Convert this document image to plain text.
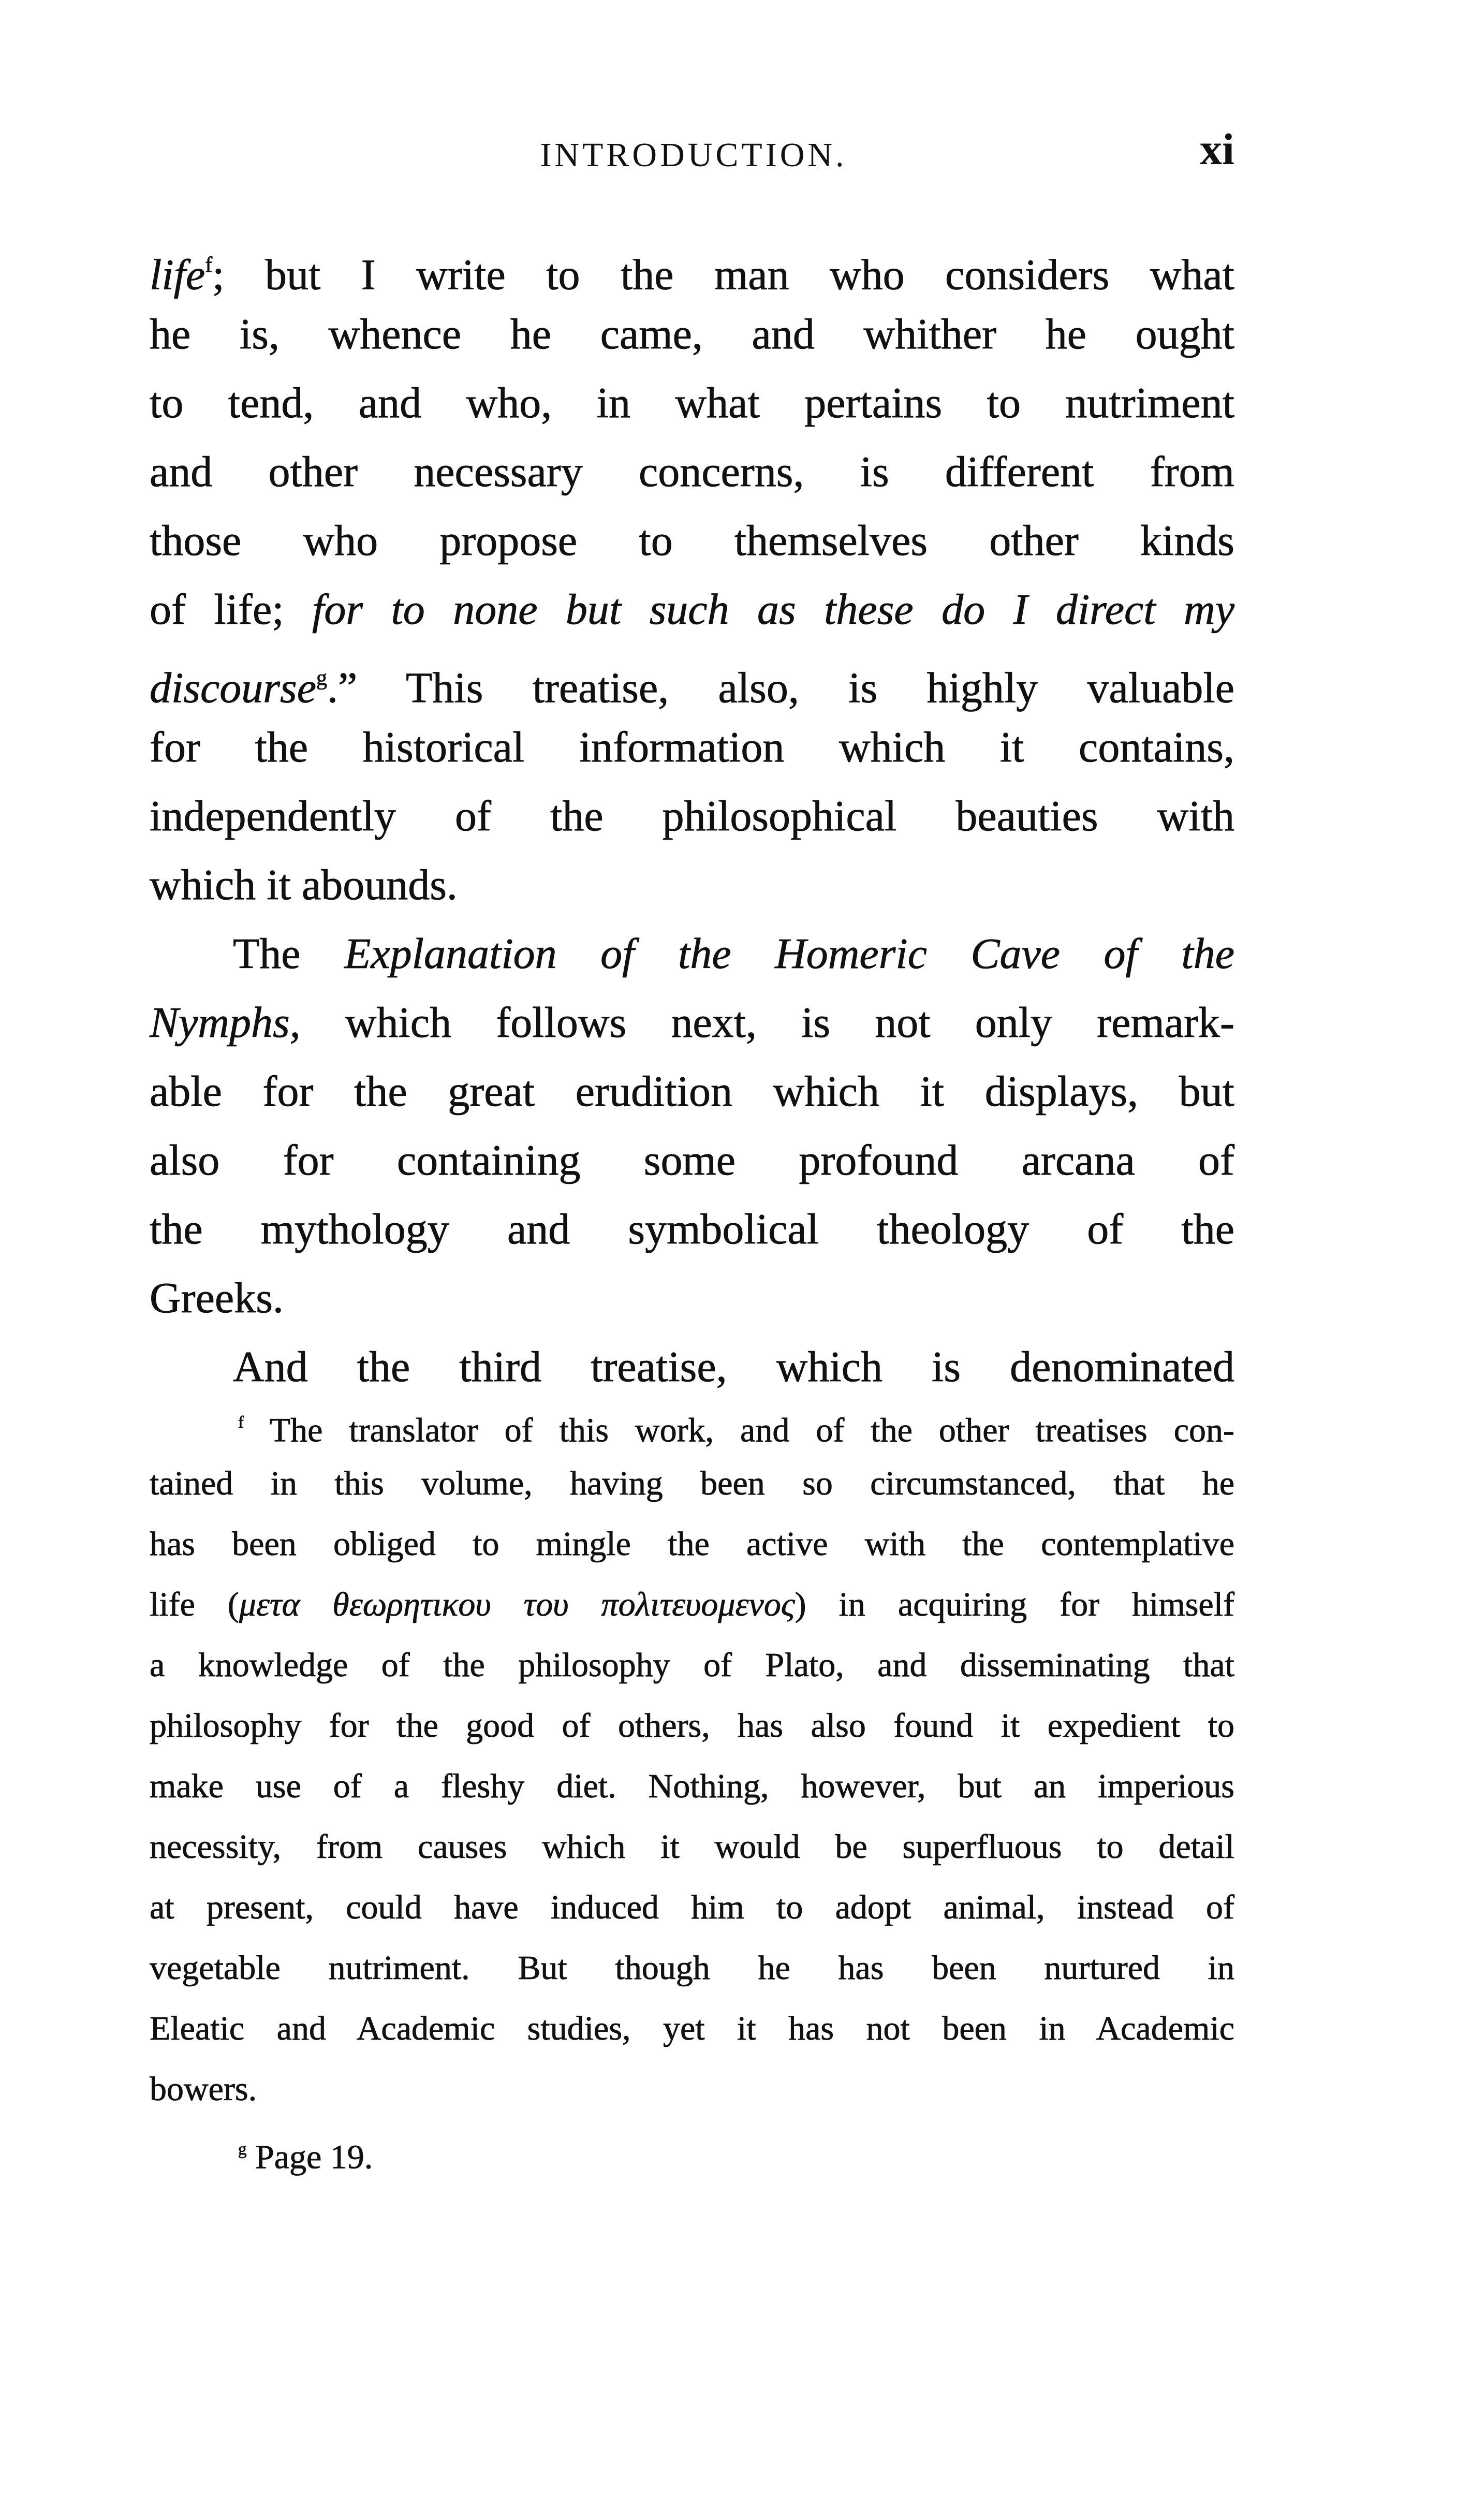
INTRODUCTION.	xi
life$^f$; but I write to the man who considers what
he is, whence he came, and whither he ought
to tend, and who, in what pertains to nutriment
and other necessary concerns, is different from
those who propose to themselves other kinds
of life; for to none but such as these do I direct my
discourse$^g$.” This treatise, also, is highly valuable
for the historical information which it contains,
independently of the philosophical beauties with
which it abounds.
The Explanation of the Homeric Cave of the
Nymphs, which follows next, is not only remark-
able for the great erudition which it displays, but
also for containing some profound arcana of
the mythology and symbolical theology of the
Greeks.
And the third treatise, which is denominated
$^f$ The translator of this work, and of the other treatises con-
tained in this volume, having been so circumstanced, that he
has been obliged to mingle the active with the contemplative
life (μετα θεωρητικου του πολιτευομενος) in acquiring for himself
a knowledge of the philosophy of Plato, and disseminating that
philosophy for the good of others, has also found it expedient to
make use of a fleshy diet. Nothing, however, but an imperious
necessity, from causes which it would be superfluous to detail
at present, could have induced him to adopt animal, instead of
vegetable nutriment. But though he has been nurtured in
Eleatic and Academic studies, yet it has not been in Academic
bowers.
$^g$ Page 19.
